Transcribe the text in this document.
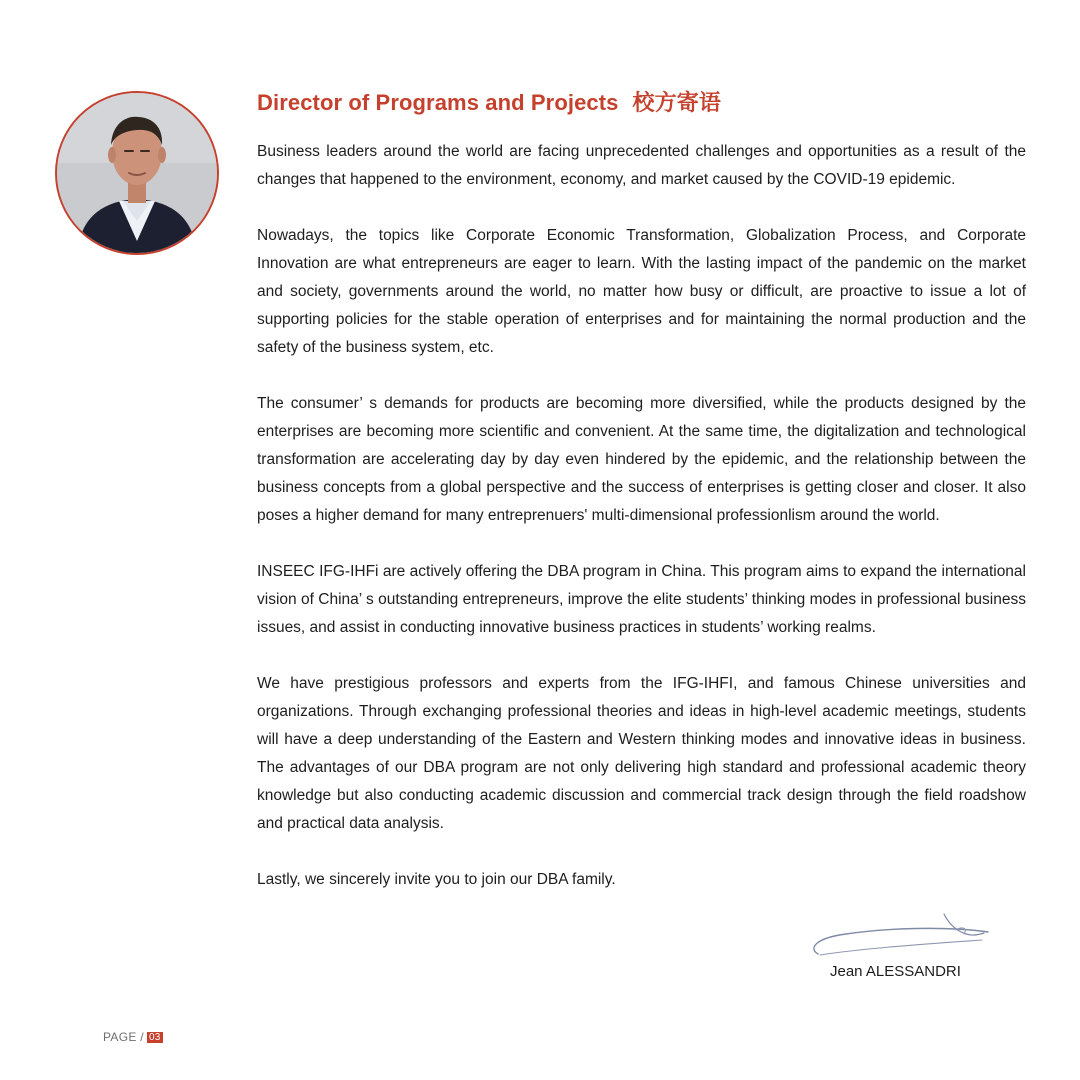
Director of Programs and Projects 校方寄语

Business leaders around the world are facing unprecedented challenges and opportunities as a result of the changes that happened to the environment, economy, and market caused by the COVID-19 epidemic.

Nowadays, the topics like Corporate Economic Transformation, Globalization Process, and Corporate Innovation are what entrepreneurs are eager to learn. With the lasting impact of the pandemic on the market and society, governments around the world, no matter how busy or difficult, are proactive to issue a lot of supporting policies for the stable operation of enterprises and for maintaining the normal production and the safety of the business system, etc.

The consumer’ s demands for products are becoming more diversified, while the products designed by the enterprises are becoming more scientific and convenient. At the same time, the digitalization and technological transformation are accelerating day by day even hindered by the epidemic, and the relationship between the business concepts from a global perspective and the success of enterprises is getting closer and closer. It also poses a higher demand for many entreprenuers' multi-dimensional professionlism around the world.

INSEEC IFG-IHFi are actively offering the DBA program in China. This program aims to expand the international vision of China’ s outstanding entrepreneurs, improve the elite students’ thinking modes in professional business issues, and assist in conducting innovative business practices in students’ working realms.

We have prestigious professors and experts from the IFG-IHFI, and famous Chinese universities and organizations. Through exchanging professional theories and ideas in high-level academic meetings, students will have a deep understanding of the Eastern and Western thinking modes and innovative ideas in business. The advantages of our DBA program are not only delivering high standard and professional academic theory knowledge but also conducting academic discussion and commercial track design through the field roadshow and practical data analysis.

Lastly, we sincerely invite you to join our DBA family.

Jean ALESSANDRI
PAGE / 03
